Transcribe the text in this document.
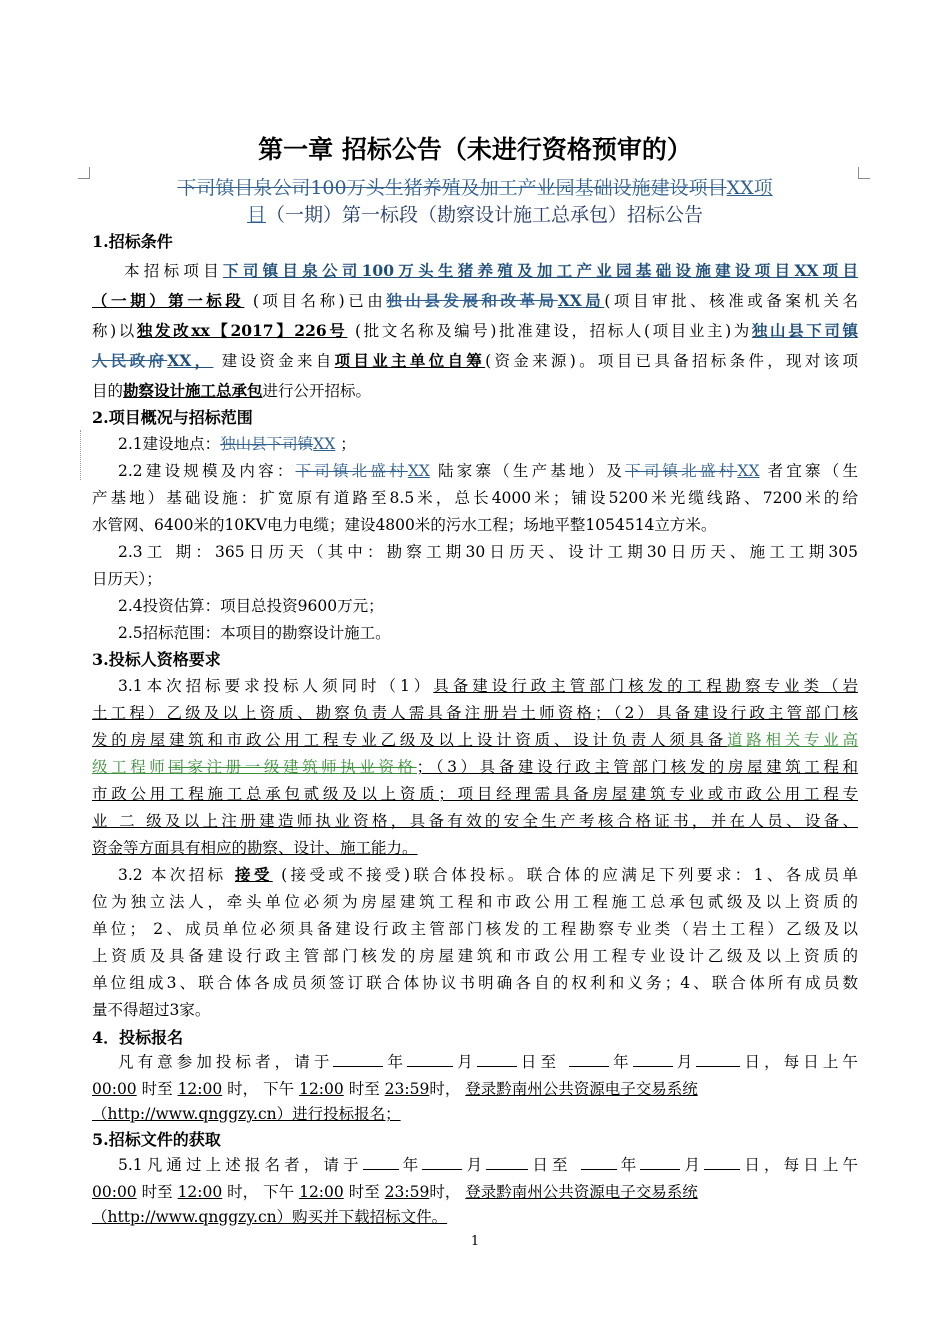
第一章 招标公告（未进行资格预审的）
下司镇目泉公司100万头生猪养殖及加工产业园基础设施建设项目XX项
目（一期）第一标段（勘察设计施工总承包）招标公告
1.招标条件
本招标项目下司镇目泉公司100万头生猪养殖及加工产业园基础设施建设项目XX项目
（一期）第一标段 (项目名称)已由独山县发展和改革局XX局(项目审批、核准或备案机关名
称)以独发改xx【2017】226号 (批文名称及编号)批准建设，招标人(项目业主)为独山县下司镇
人民政府XX， 建设资金来自项目业主单位自筹(资金来源)。项目已具备招标条件，现对该项
目的勘察设计施工总承包进行公开招标。
2.项目概况与招标范围
2.1建设地点：独山县下司镇XX ；
2.2建设规模及内容：下司镇北盛村XX 陆家寨（生产基地）及下司镇北盛村XX 者宜寨（生
产基地）基础设施：扩宽原有道路至8.5米，总长4000米；铺设5200米光缆线路、7200米的给
水管网、6400米的10KV电力电缆；建设4800米的污水工程；场地平整1054514立方米。
2.3工 期：365日历天（其中：勘察工期30日历天、设计工期30日历天、施工工期305
日历天）；
2.4投资估算：项目总投资9600万元；
2.5招标范围：本项目的勘察设计施工。
3.投标人资格要求
3.1本次招标要求投标人须同时（1）具备建设行政主管部门核发的工程勘察专业类（岩
土工程）乙级及以上资质、勘察负责人需具备注册岩土师资格；（2）具备建设行政主管部门核
发的房屋建筑和市政公用工程专业乙级及以上设计资质、设计负责人须具备道路相关专业高
级工程师国家注册一级建筑师执业资格；（3）具备建设行政主管部门核发的房屋建筑工程和
市政公用工程施工总承包贰级及以上资质；项目经理需具备房屋建筑专业或市政公用工程专
业 二 级及以上注册建造师执业资格，具备有效的安全生产考核合格证书，并在人员、设备、
资金等方面具有相应的勘察、设计、施工能力。
3.2 本次招标 接受 (接受或不接受)联合体投标。联合体的应满足下列要求：1、各成员单
位为独立法人，牵头单位必须为房屋建筑工程和市政公用工程施工总承包贰级及以上资质的
单位； 2、成员单位必须具备建设行政主管部门核发的工程勘察专业类（岩土工程）乙级及以
上资质及具备建设行政主管部门核发的房屋建筑和市政公用工程专业设计乙级及以上资质的
单位组成3、联合体各成员须签订联合体协议书明确各自的权利和义务；4、联合体所有成员数
量不得超过3家。
4．投标报名
凡有意参加投标者，请于	年	月	日至	年	月	日，每日上午
00:00 时至 12:00 时， 下午 12:00 时至 23:59时， 登录黔南州公共资源电子交易系统
（http://www.qnggzy.cn）进行投标报名；
5.招标文件的获取
5.1凡通过上述报名者，请于 年	月	日至	年	月 日，每日上午
00:00 时至 12:00 时， 下午 12:00 时至 23:59时， 登录黔南州公共资源电子交易系统
（http://www.qnggzy.cn）购买并下载招标文件。
1
